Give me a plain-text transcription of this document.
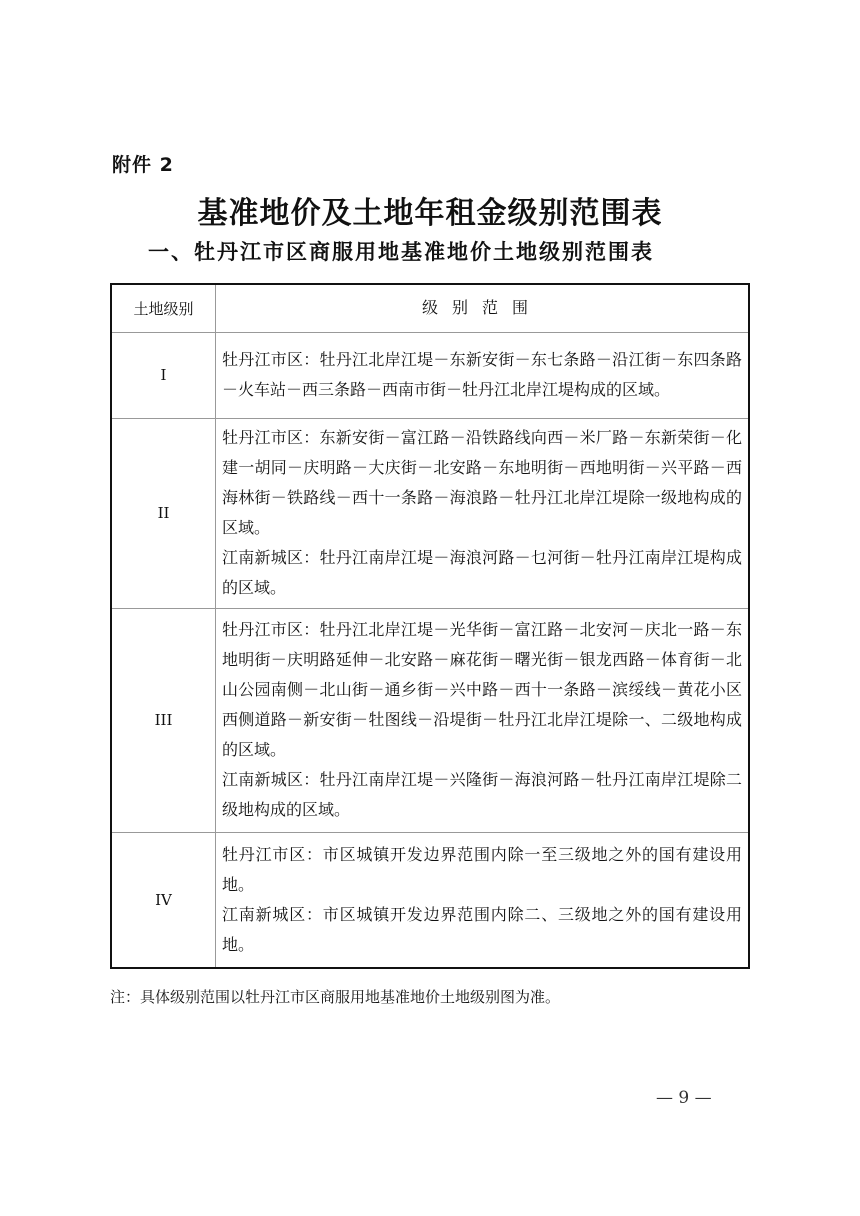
附件 2
基准地价及土地年租金级别范围表
一、牡丹江市区商服用地基准地价土地级别范围表
土地级别	级别范围
I	牡丹江市区：牡丹江北岸江堤－东新安街－东七条路－沿江街－东四条路－火车站－西三条路－西南市街－牡丹江北岸江堤构成的区域。

II	牡丹江市区：东新安街－富江路－沿铁路线向西－米厂路－东新荣街－化建一胡同－庆明路－大庆街－北安路－东地明街－西地明街－兴平路－西海林街－铁路线－西十一条路－海浪路－牡丹江北岸江堤除一级地构成的区域。
江南新城区：牡丹江南岸江堤－海浪河路－乜河街－牡丹江南岸江堤构成的区域。

III	牡丹江市区：牡丹江北岸江堤－光华街－富江路－北安河－庆北一路－东地明街－庆明路延伸－北安路－麻花街－曙光街－银龙西路－体育街－北山公园南侧－北山街－通乡街－兴中路－西十一条路－滨绥线－黄花小区西侧道路－新安街－牡图线－沿堤街－牡丹江北岸江堤除一、二级地构成的区域。
江南新城区：牡丹江南岸江堤－兴隆街－海浪河路－牡丹江南岸江堤除二级地构成的区域。

IV	牡丹江市区：市区城镇开发边界范围内除一至三级地之外的国有建设用地。
江南新城区：市区城镇开发边界范围内除二、三级地之外的国有建设用地。
注：具体级别范围以牡丹江市区商服用地基准地价土地级别图为准。
— 9 —
